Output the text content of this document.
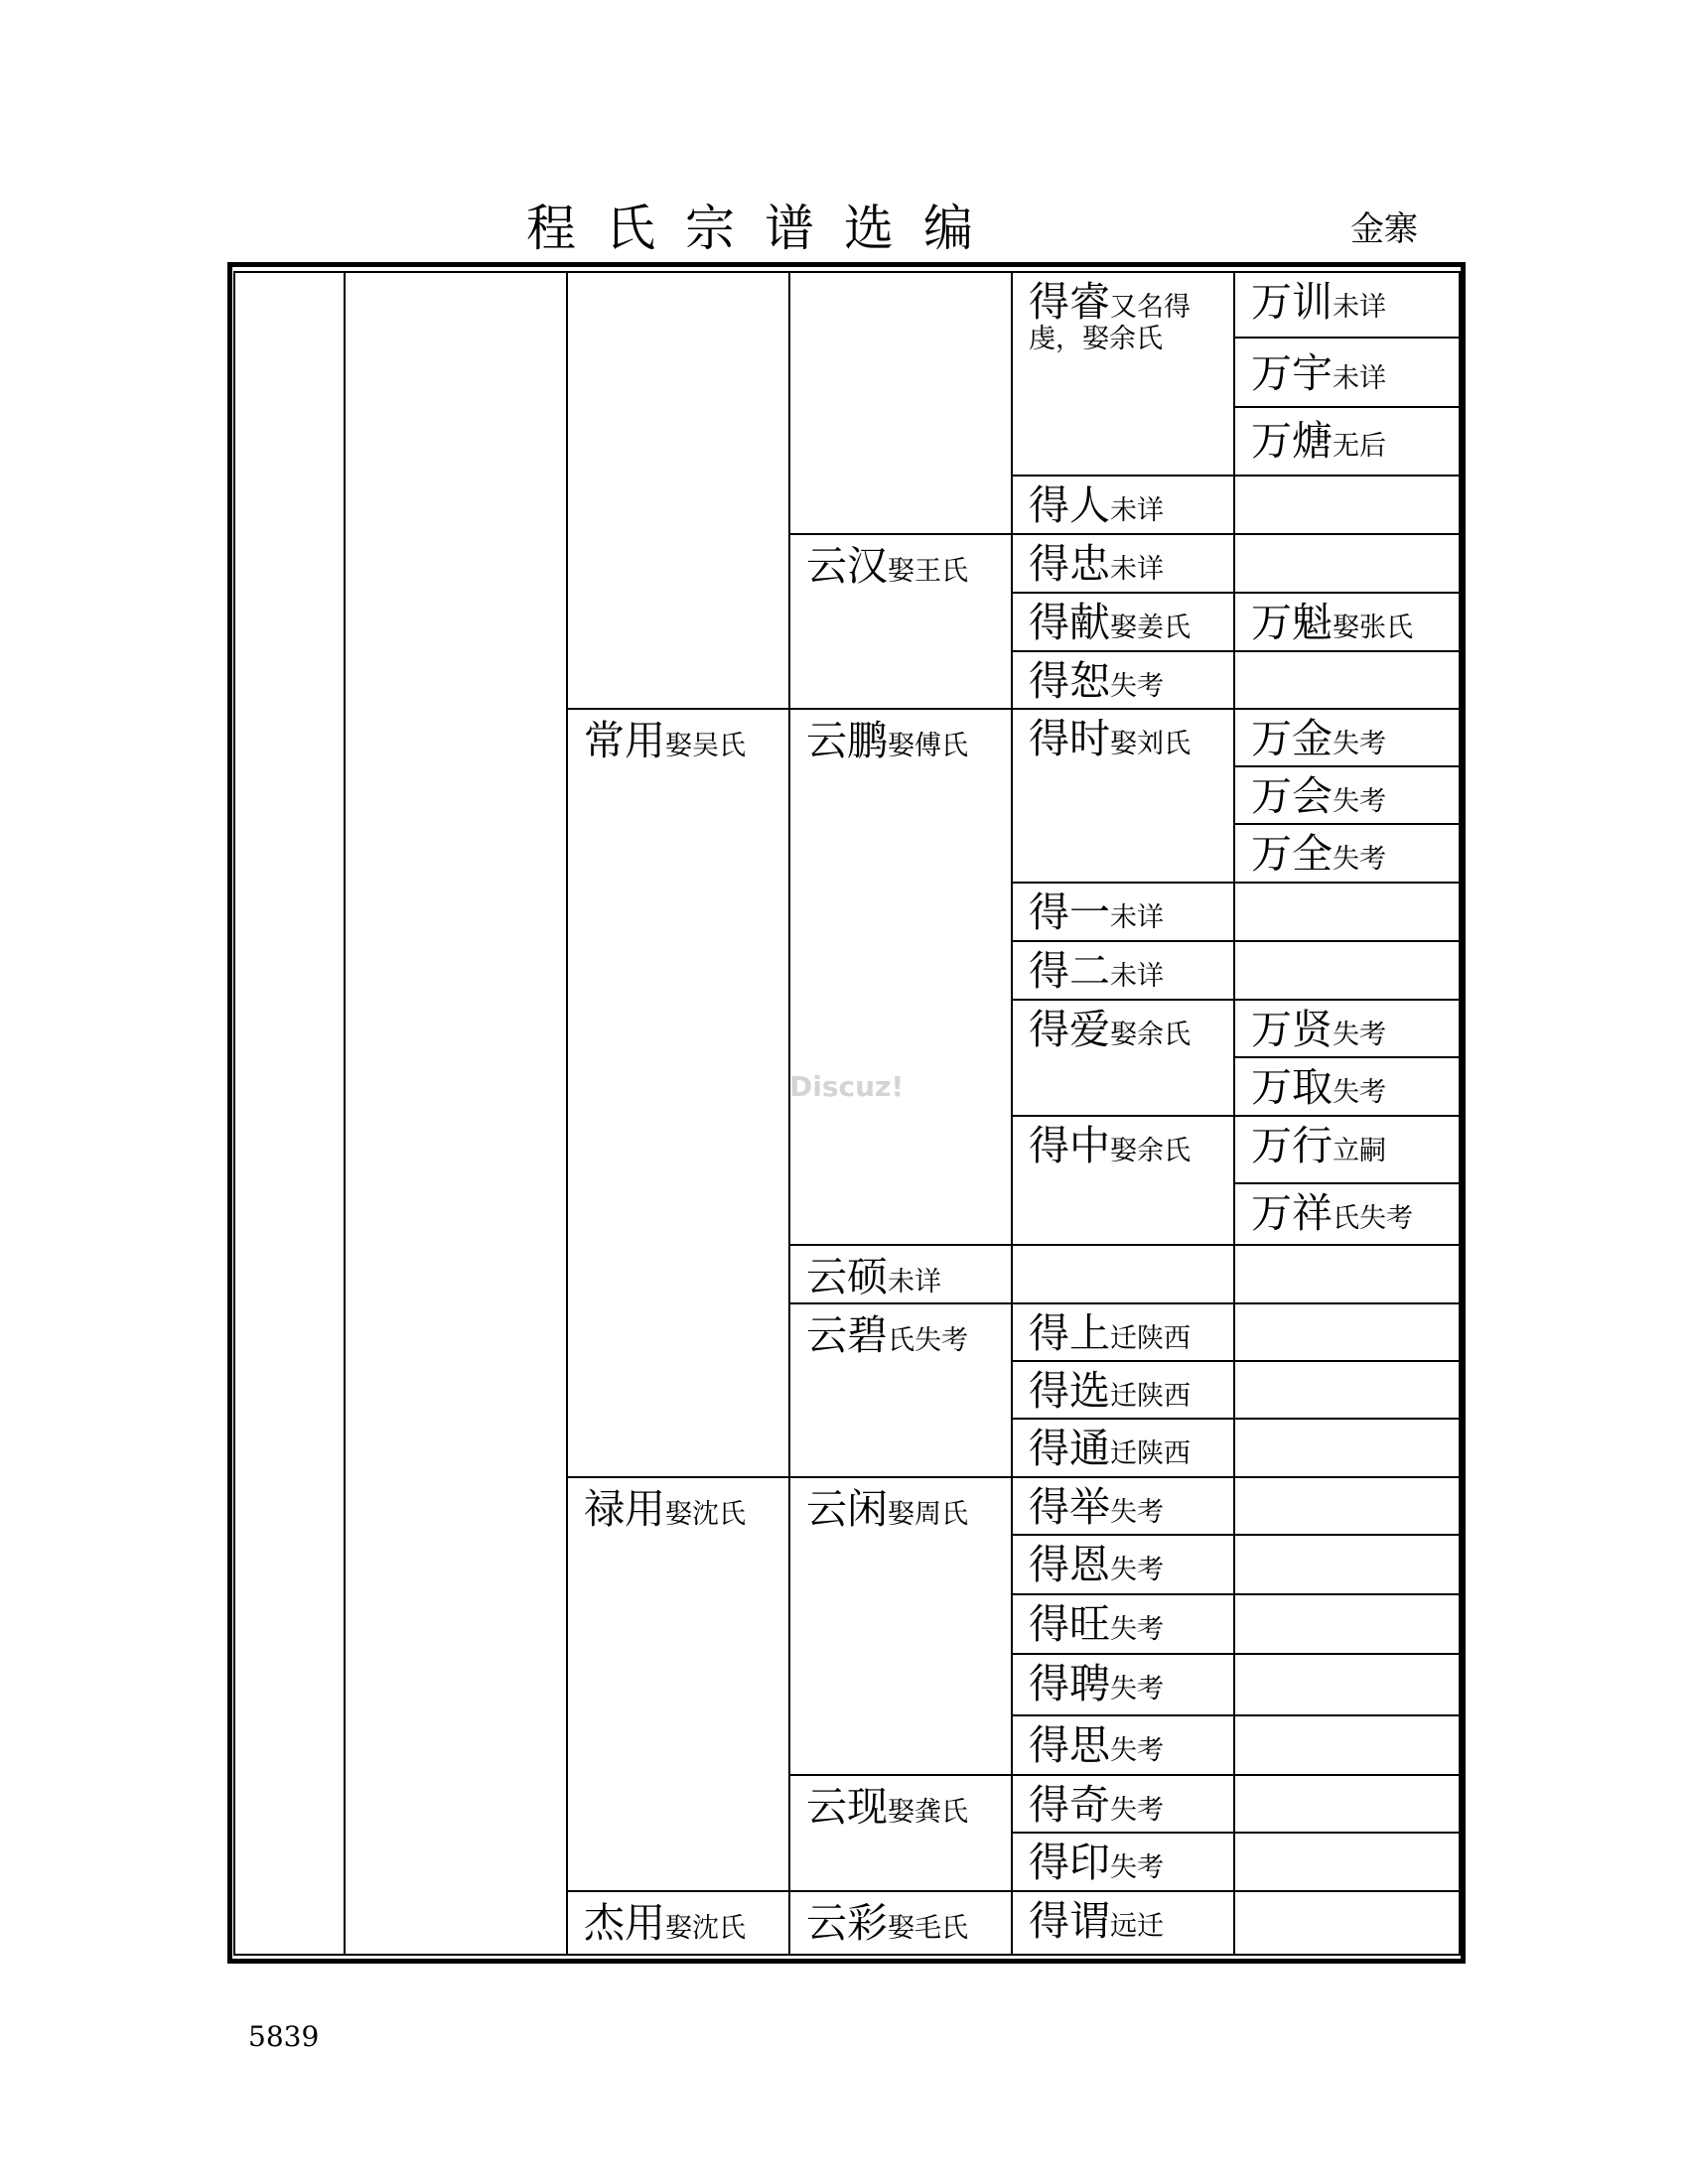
程氏宗谱选编	金寨
常用娶吴氏
禄用娶沈氏
杰用娶沈氏
云汉娶王氏
云鹏娶傅氏
云硕未详
云碧氏失考
云闲娶周氏
云现娶龚氏
云彩娶毛氏
得睿又名得虔，娶余氏
得人未详
得忠未详
得献娶姜氏
得恕失考
得时娶刘氏
得一未详
得二未详
得爱娶余氏
得中娶余氏
得上迁陕西
得选迁陕西
得通迁陕西
得举失考
得恩失考
得旺失考
得聘失考
得思失考
得奇失考
得印失考
得谓远迁
万训未详
万宇未详
万煻无后
万魁娶张氏
万金失考
万会失考
万全失考
万贤失考
万取失考
万行立嗣
万祥氏失考
Discuz!
5839
